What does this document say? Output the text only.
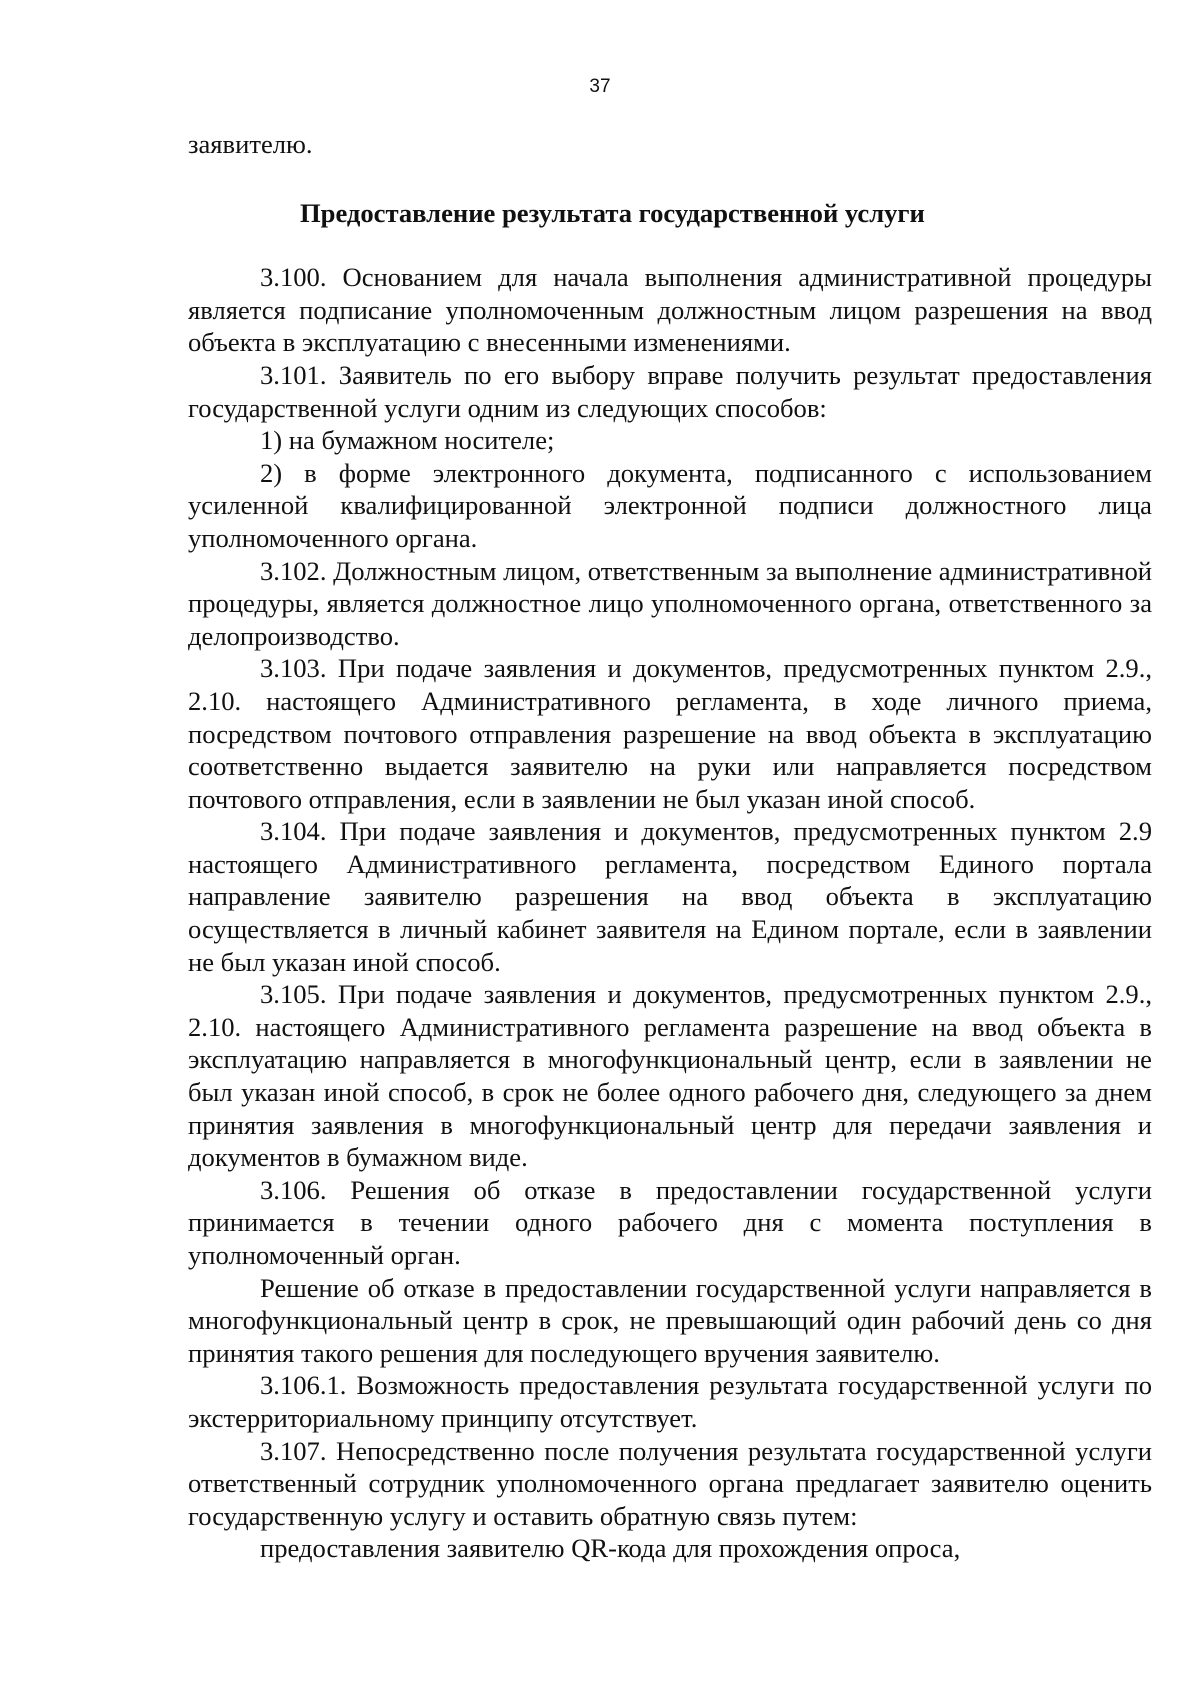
37

заявителю.

Предоставление результата государственной услуги

3.100. Основанием для начала выполнения административной процедуры является подписание уполномоченным должностным лицом разрешения на ввод объекта в эксплуатацию с внесенными изменениями.

3.101. Заявитель по его выбору вправе получить результат предоставления государственной услуги одним из следующих способов:

1) на бумажном носителе;

2) в форме электронного документа, подписанного с использованием усиленной квалифицированной электронной подписи должностного лица уполномоченного органа.

3.102. Должностным лицом, ответственным за выполнение административной процедуры, является должностное лицо уполномоченного органа, ответственного за делопроизводство.

3.103. При подаче заявления и документов, предусмотренных пунктом 2.9., 2.10. настоящего Административного регламента, в ходе личного приема, посредством почтового отправления разрешение на ввод объекта в эксплуатацию соответственно выдается заявителю на руки или направляется посредством почтового отправления, если в заявлении не был указан иной способ.

3.104. При подаче заявления и документов, предусмотренных пунктом 2.9 настоящего Административного регламента, посредством Единого портала направление заявителю разрешения на ввод объекта в эксплуатацию осуществляется в личный кабинет заявителя на Едином портале, если в заявлении не был указан иной способ.

3.105. При подаче заявления и документов, предусмотренных пунктом 2.9., 2.10. настоящего Административного регламента разрешение на ввод объекта в эксплуатацию направляется в многофункциональный центр, если в заявлении не был указан иной способ, в срок не более одного рабочего дня, следующего за днем принятия заявления в многофункциональный центр для передачи заявления и документов в бумажном виде.

3.106. Решения об отказе в предоставлении государственной услуги принимается в течении одного рабочего дня с момента поступления в уполномоченный орган.

Решение об отказе в предоставлении государственной услуги направляется в многофункциональный центр в срок, не превышающий один рабочий день со дня принятия такого решения для последующего вручения заявителю.

3.106.1. Возможность предоставления результата государственной услуги по экстерриториальному принципу отсутствует.

3.107. Непосредственно после получения результата государственной услуги ответственный сотрудник уполномоченного органа предлагает заявителю оценить государственную услугу и оставить обратную связь путем:

предоставления заявителю QR-кода для прохождения опроса,
